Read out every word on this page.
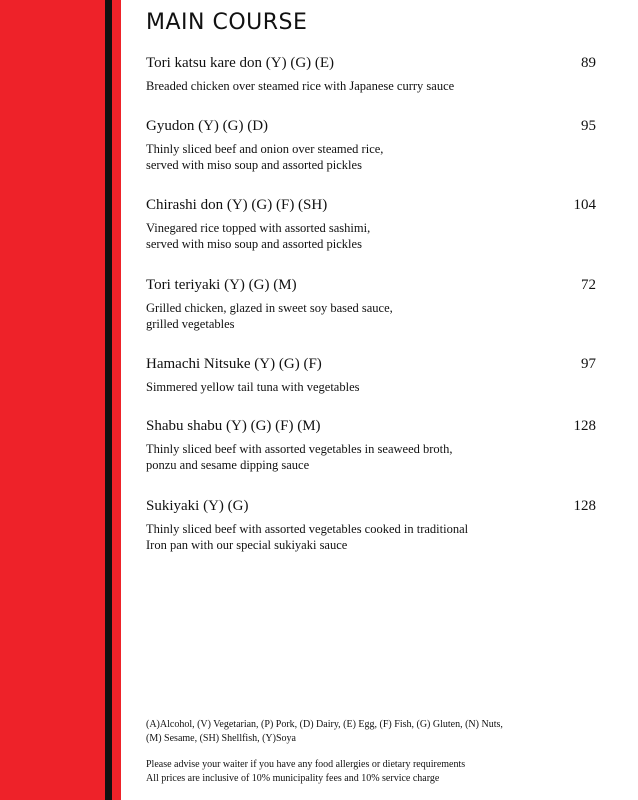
MAIN COURSE
Tori katsu kare don (Y) (G) (E)	89
Breaded chicken over steamed rice with Japanese curry sauce
Gyudon (Y) (G) (D)	95
Thinly sliced beef and onion over steamed rice,
served with miso soup and assorted pickles
Chirashi don (Y) (G) (F) (SH)	104
Vinegared rice topped with assorted sashimi,
served with miso soup and assorted pickles
Tori teriyaki (Y) (G) (M)	72
Grilled chicken, glazed in sweet soy based sauce,
grilled vegetables
Hamachi Nitsuke (Y) (G) (F)	97
Simmered yellow tail tuna with vegetables
Shabu shabu (Y) (G) (F) (M)	128
Thinly sliced beef with assorted vegetables in seaweed broth,
ponzu and sesame dipping sauce
Sukiyaki (Y) (G)	128
Thinly sliced beef with assorted vegetables cooked in traditional
Iron pan with our special sukiyaki sauce
(A)Alcohol, (V) Vegetarian, (P) Pork, (D) Dairy, (E) Egg, (F) Fish, (G) Gluten, (N) Nuts,
(M) Sesame, (SH) Shellfish, (Y)Soya
Please advise your waiter if you have any food allergies or dietary requirements
All prices are inclusive of 10% municipality fees and 10% service charge
